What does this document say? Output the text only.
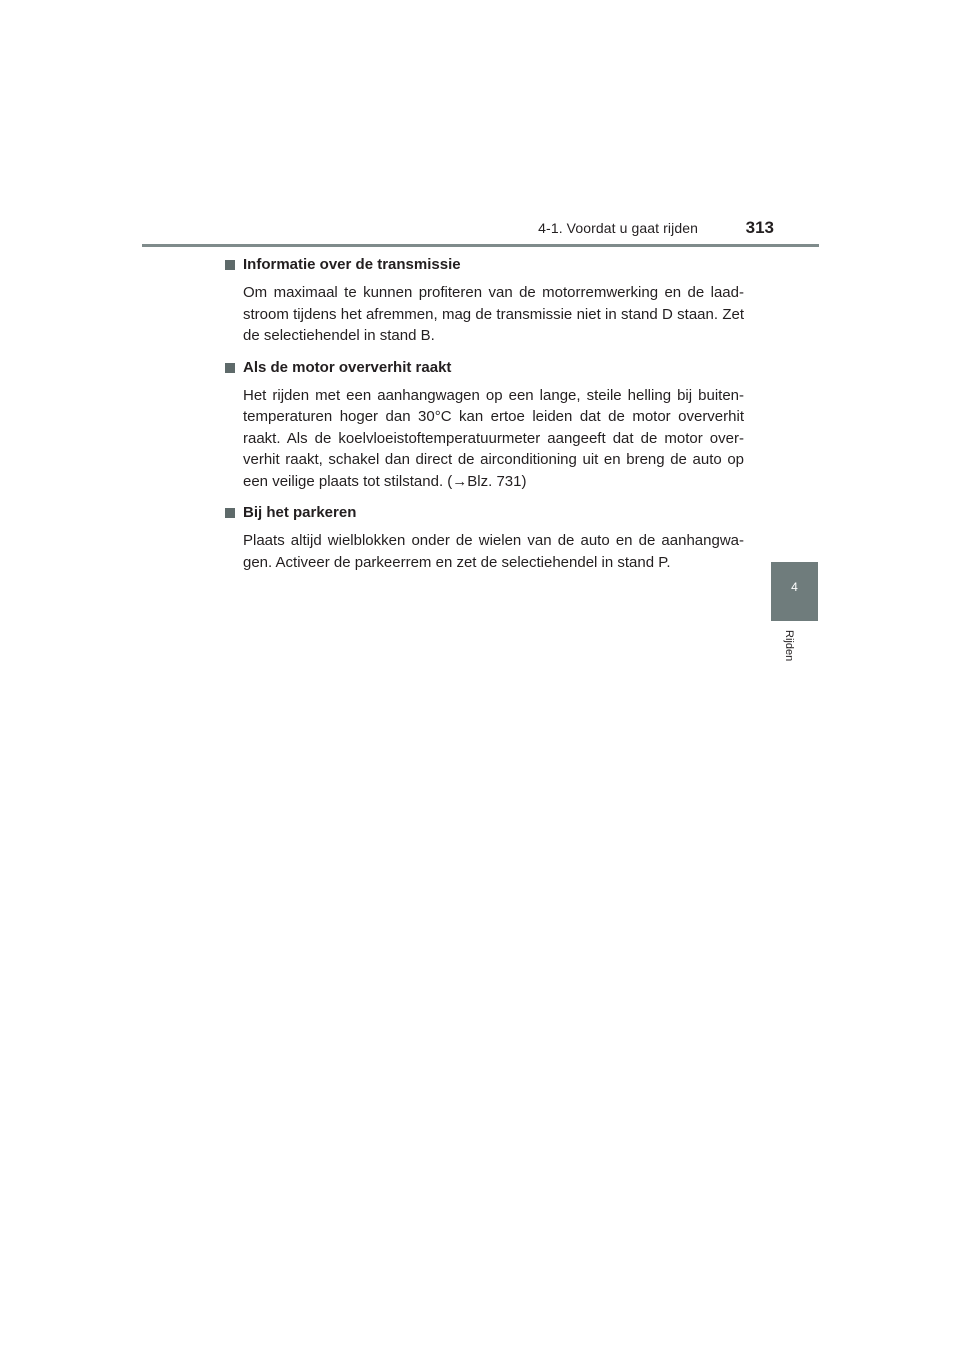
4-1. Voordat u gaat rijden	313
4
Rijden
Informatie over de transmissie
Om maximaal te kunnen profiteren van de motorremwerking en de laad-stroom tijdens het afremmen, mag de transmissie niet in stand D staan. Zet de selectiehendel in stand B.
Als de motor oververhit raakt
Het rijden met een aanhangwagen op een lange, steile helling bij buiten-temperaturen hoger dan 30°C kan ertoe leiden dat de motor oververhit raakt. Als de koelvloeistoftemperatuurmeter aangeeft dat de motor over-verhit raakt, schakel dan direct de airconditioning uit en breng de auto op een veilige plaats tot stilstand. (→Blz. 731)
Bij het parkeren
Plaats altijd wielblokken onder de wielen van de auto en de aanhangwa-gen. Activeer de parkeerrem en zet de selectiehendel in stand P.
